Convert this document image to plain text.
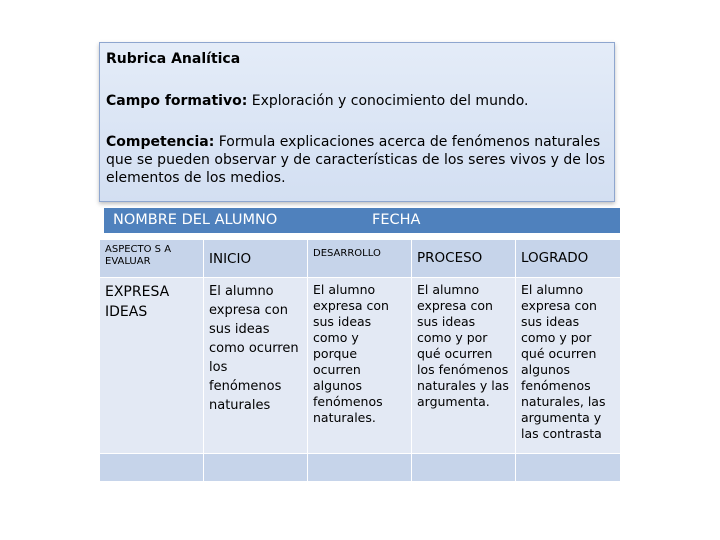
Rubrica Analítica

Campo formativo: Exploración y conocimiento del mundo.

Competencia: Formula explicaciones acerca de fenómenos naturales que se pueden observar y de características de los seres vivos y de los elementos de los medios.

NOMBRE DEL ALUMNO	FECHA
ASPECTO S A EVALUAR	INICIO	DESARROLLO	PROCESO	LOGRADO
EXPRESA IDEAS	El alumno expresa con sus ideas como ocurren los fenómenos naturales	El alumno expresa con sus ideas como y porque ocurren algunos fenómenos naturales.	El alumno expresa con sus ideas como y por qué ocurren los fenómenos naturales y las argumenta.	El alumno expresa con sus ideas como y por qué ocurren algunos fenómenos naturales, las argumenta y las contrasta
